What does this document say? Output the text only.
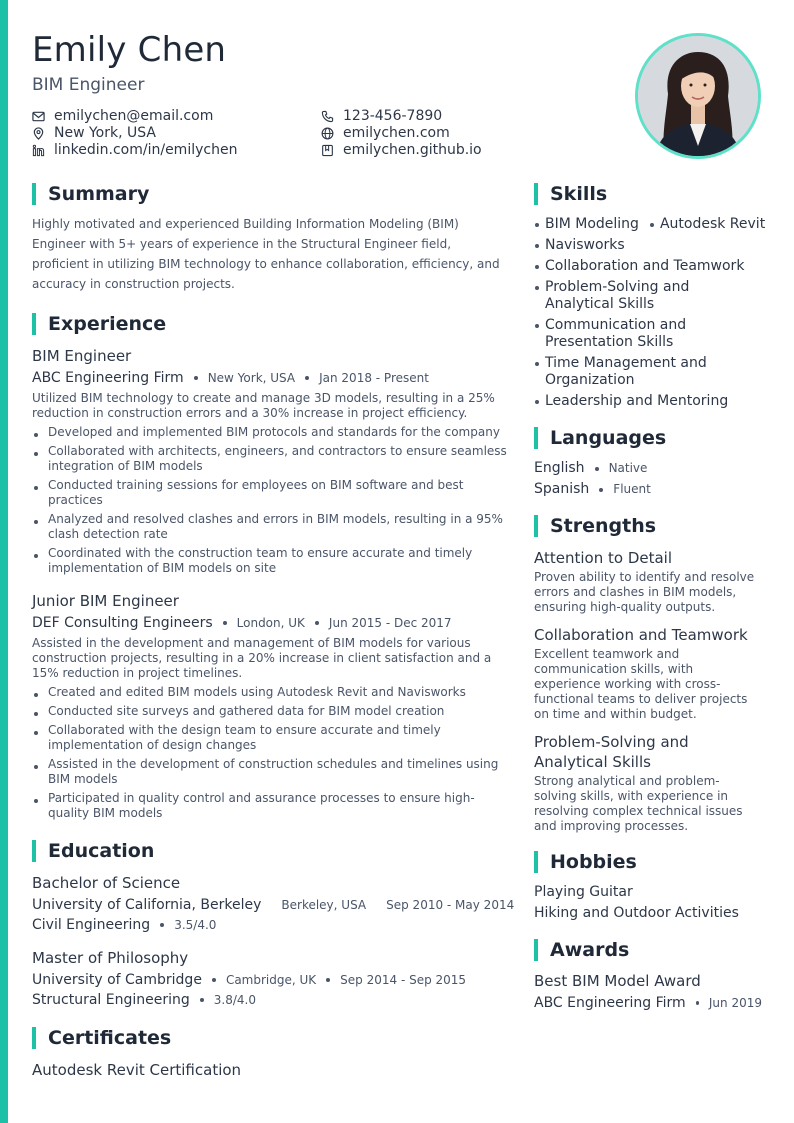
Emily Chen
BIM Engineer
emilychen@email.com	123-456-7890
New York, USA	emilychen.com
linkedin.com/in/emilychen	emilychen.github.io
Summary

Highly motivated and experienced Building Information Modeling (BIM) Engineer with 5+ years of experience in the Structural Engineer field, proficient in utilizing BIM technology to enhance collaboration, efficiency, and accuracy in construction projects.

Experience
BIM Engineer
ABC Engineering Firm New York, USA Jan 2018 - Present

Utilized BIM technology to create and manage 3D models, resulting in a 25% reduction in construction errors and a 30% increase in project efficiency.

Developed and implemented BIM protocols and standards for the company
Collaborated with architects, engineers, and contractors to ensure seamless integration of BIM models
Conducted training sessions for employees on BIM software and best practices
Analyzed and resolved clashes and errors in BIM models, resulting in a 95% clash detection rate
Coordinated with the construction team to ensure accurate and timely implementation of BIM models on site
Junior BIM Engineer
DEF Consulting Engineers London, UK Jun 2015 - Dec 2017

Assisted in the development and management of BIM models for various construction projects, resulting in a 20% increase in client satisfaction and a 15% reduction in project timelines.

Created and edited BIM models using Autodesk Revit and Navisworks
Conducted site surveys and gathered data for BIM model creation
Collaborated with the design team to ensure accurate and timely implementation of design changes
Assisted in the development of construction schedules and timelines using BIM models
Participated in quality control and assurance processes to ensure high-quality BIM models
Education
Bachelor of Science
University of California, Berkeley Berkeley, USA Sep 2010 - May 2014
Civil Engineering 3.5/4.0
Master of Philosophy
University of Cambridge Cambridge, UK Sep 2014 - Sep 2015
Structural Engineering 3.8/4.0
Certificates
Autodesk Revit Certification
Skills
BIM Modeling	Autodesk Revit
Navisworks
Collaboration and Teamwork
Problem-Solving and Analytical Skills
Communication and Presentation Skills
Time Management and Organization
Leadership and Mentoring
Languages
English Native
Spanish Fluent
Strengths
Attention to Detail

Proven ability to identify and resolve errors and clashes in BIM models, ensuring high-quality outputs.

Collaboration and Teamwork

Excellent teamwork and communication skills, with experience working with cross-functional teams to deliver projects on time and within budget.

Problem-Solving and Analytical Skills

Strong analytical and problem-solving skills, with experience in resolving complex technical issues and improving processes.

Hobbies
Playing Guitar
Hiking and Outdoor Activities
Awards
Best BIM Model Award
ABC Engineering Firm Jun 2019
